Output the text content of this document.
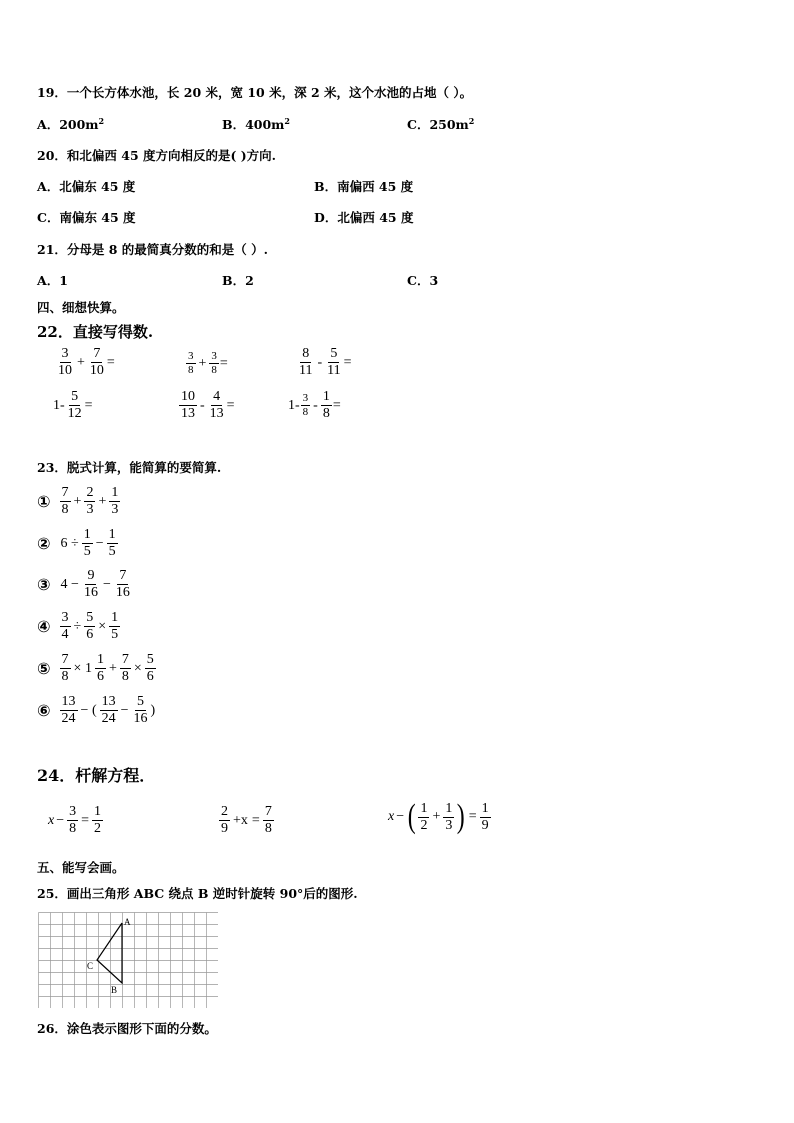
19．一个长方体水池，长 20 米，宽 10 米，深 2 米，这个水池的占地（ ）。
A．$200m^2$	B．$400m^2$	C．$250m^2$
20．和北偏西 45 度方向相反的是( )方向.
A．北偏东 45 度	B．南偏西 45 度
C．南偏东 45 度	D．北偏西 45 度
21．分母是 8 的最简真分数的和是（ ）.
A．1	B．2	C．3
四、细想快算。
22．直接写得数.
$\frac{3}{10} + \frac{7}{10}$ =	$\frac{3}{8} + \frac{3}{8}$ =	$\frac{8}{11} - \frac{5}{11}$ =
$1- \frac{5}{12}$ =	$\frac{10}{13} - \frac{4}{13}$ =	$1- \frac{3}{8} - \frac{1}{8}$ =
23．脱式计算，能简算的要简算.
① $\frac{7}{8} + \frac{2}{3} + \frac{1}{3}$
② $6 \div \frac{1}{5} - \frac{1}{5}$
③ $4 - \frac{9}{16} - \frac{7}{16}$
④ $\frac{3}{4} \div \frac{5}{6} \times \frac{1}{5}$
⑤ $\frac{7}{8} \times 1 \frac{1}{6} + \frac{7}{8} \times \frac{5}{6}$
⑥ $\frac{13}{24}$ − ( $\frac{13}{24} - \frac{5}{16}$ )
24．杆解方程．
$x - \frac{3}{8} = \frac{1}{2}$	$\frac{2}{9} +x = \frac{7}{8}$	x − ( $\frac{1}{2} + \frac{1}{3}$ ) = $\frac{1}{9}$
五、能写会画。
25．画出三角形 ABC 绕点 B 逆时针旋转 90°后的图形.
A
B
C
26．涂色表示图形下面的分数。
